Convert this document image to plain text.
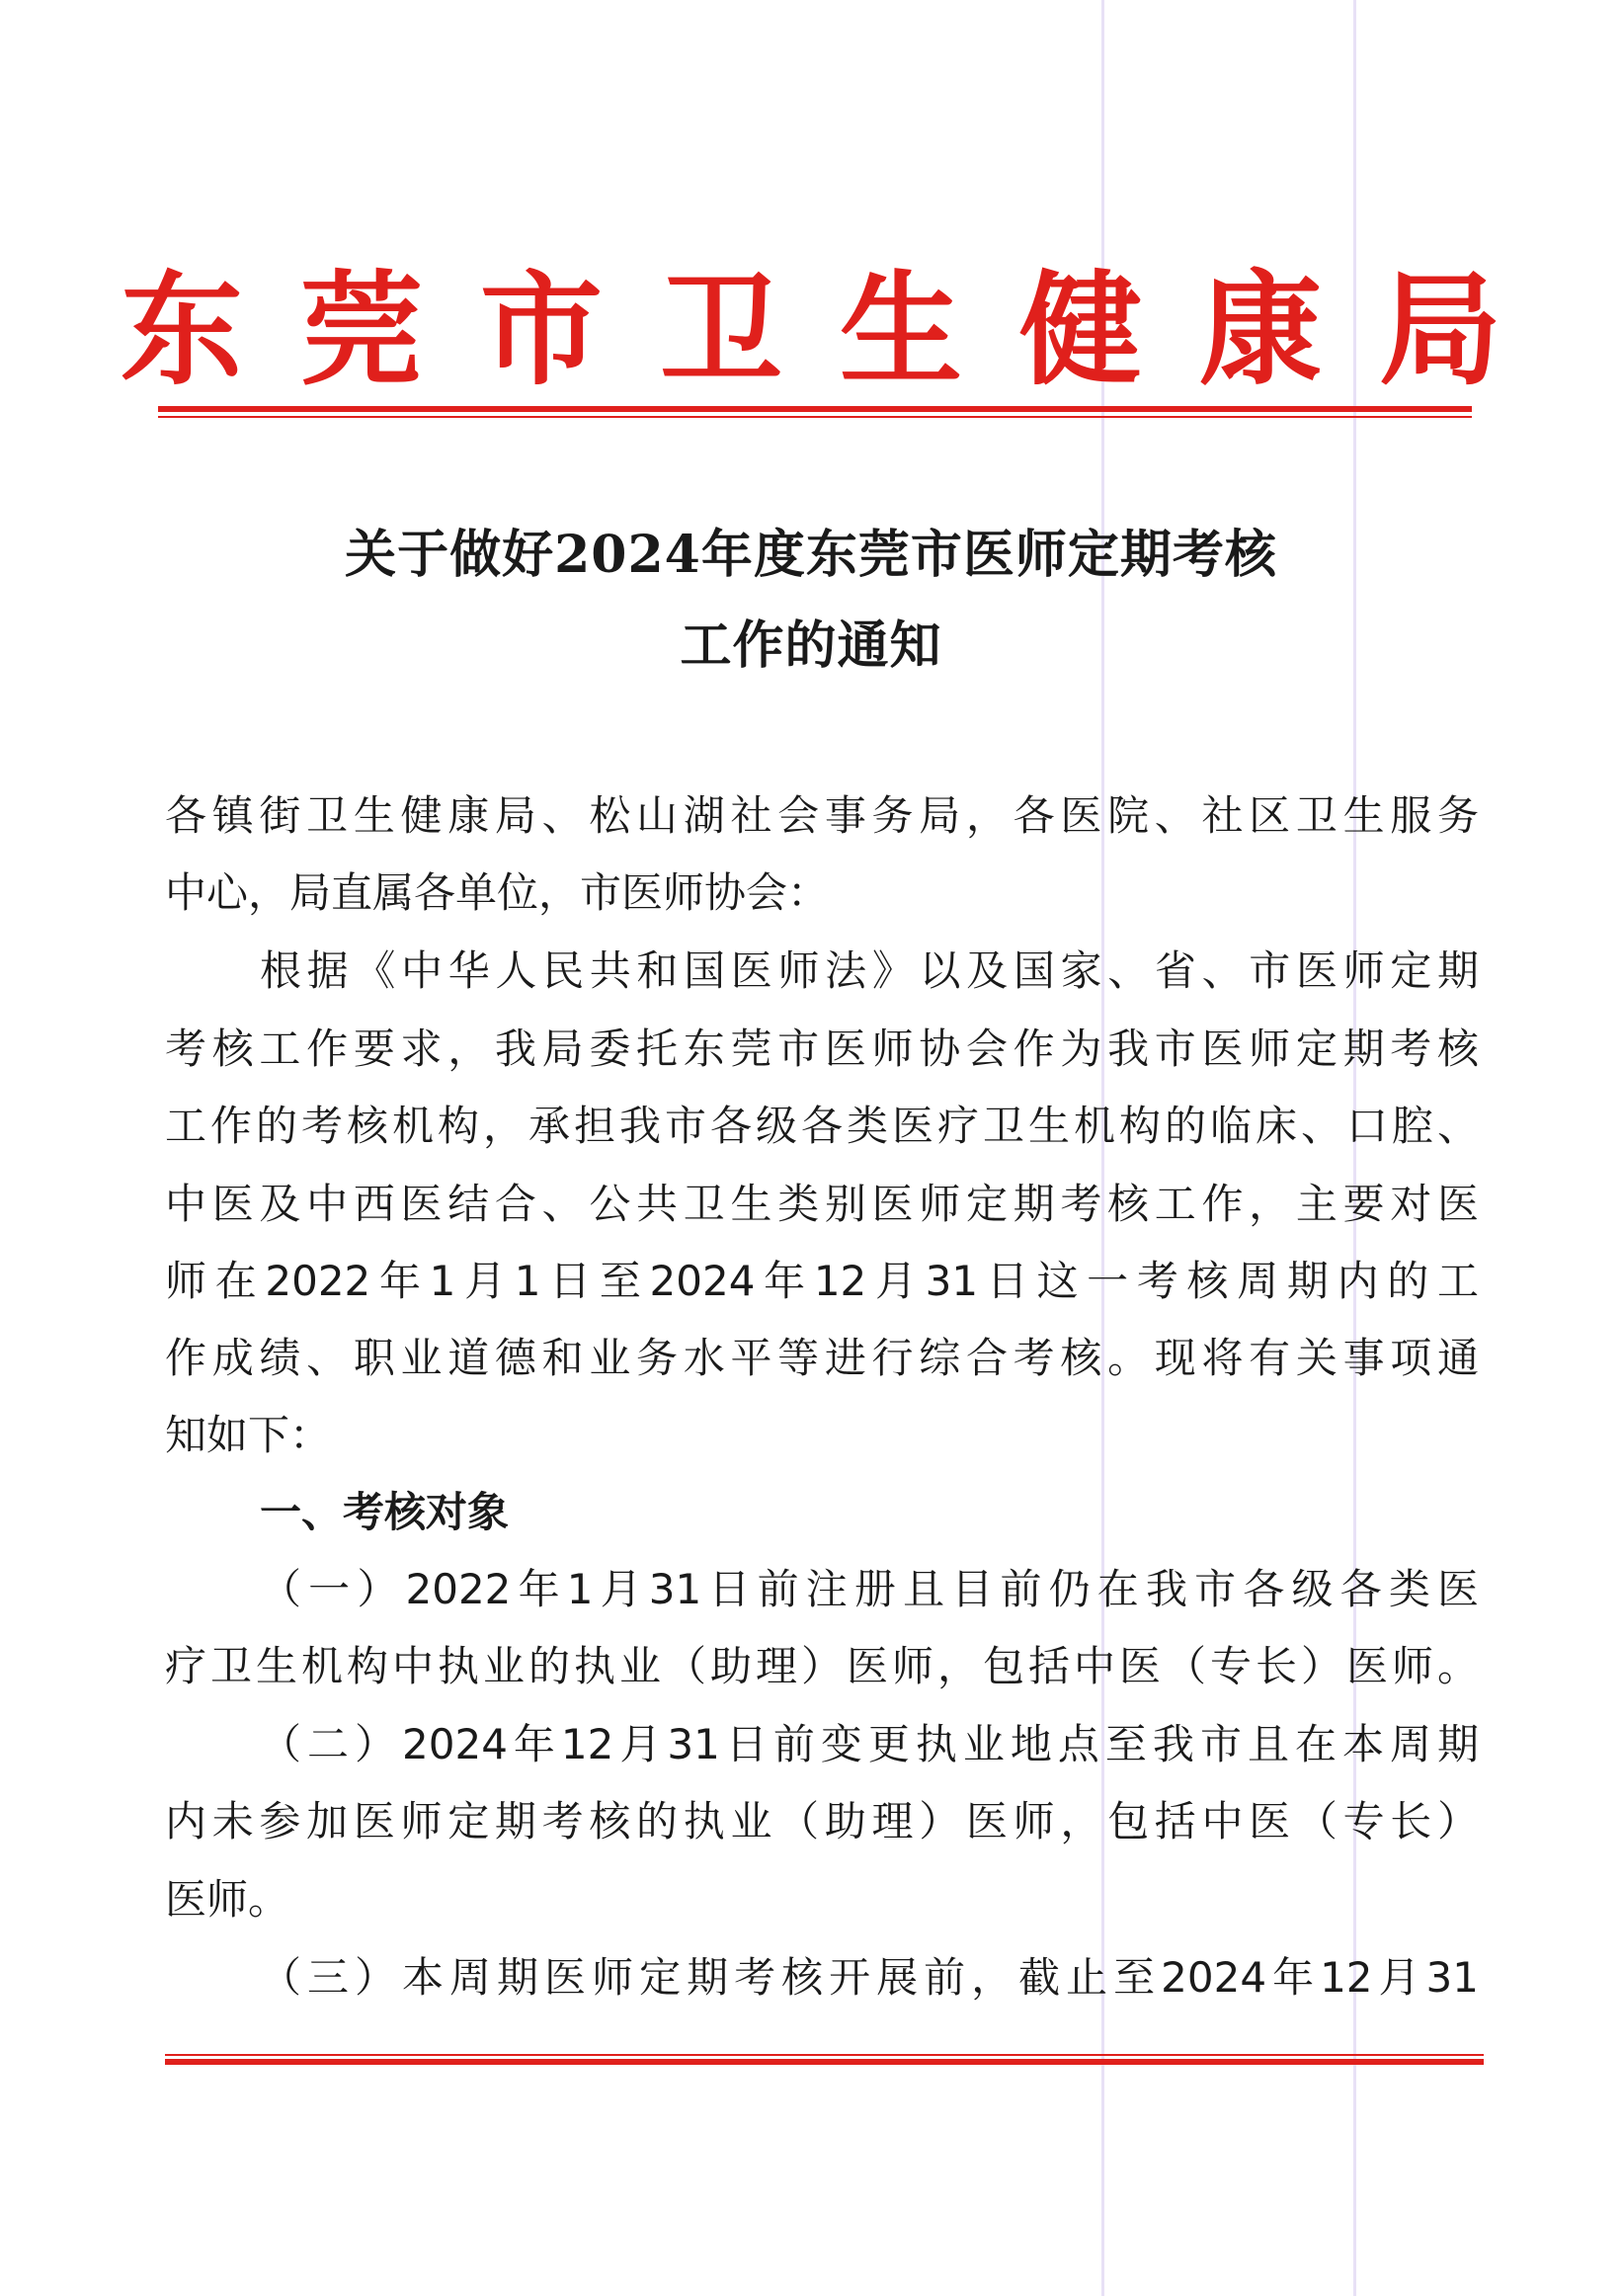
东莞市卫生健康局
关于做好2024年度东莞市医师定期考核
工作的通知
各镇街卫生健康局、松山湖社会事务局，各医院、社区卫生服务
中心，局直属各单位，市医师协会：
根据《中华人民共和国医师法》以及国家、省、市医师定期
考核工作要求，我局委托东莞市医师协会作为我市医师定期考核
工作的考核机构，承担我市各级各类医疗卫生机构的临床、口腔、
中医及中西医结合、公共卫生类别医师定期考核工作，主要对医
师在2022年1月1日至2024年12月31日这一考核周期内的工
作成绩、职业道德和业务水平等进行综合考核。现将有关事项通
知如下：
一、考核对象
（一）2022年1月31日前注册且目前仍在我市各级各类医
疗卫生机构中执业的执业（助理）医师，包括中医（专长）医师。
（二）2024年12月31日前变更执业地点至我市且在本周期
内未参加医师定期考核的执业（助理）医师，包括中医（专长）
医师。
（三）本周期医师定期考核开展前，截止至2024年12月31
